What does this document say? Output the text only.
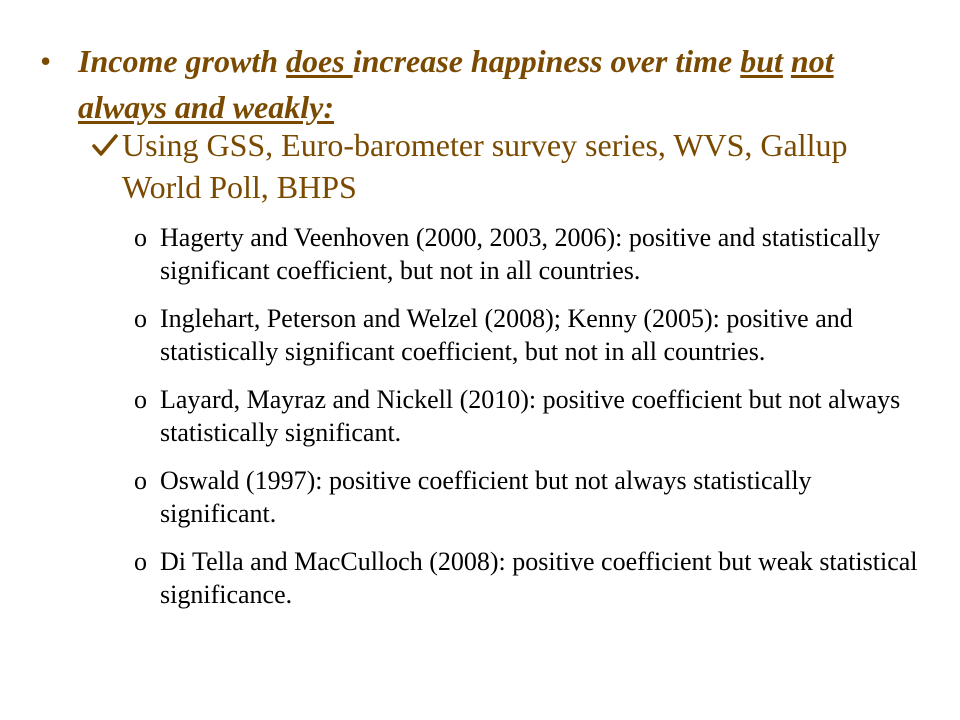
• Income growth does increase happiness over time but not always and weakly:
Using GSS, Euro-barometer survey series, WVS, Gallup World Poll, BHPS
o Hagerty and Veenhoven (2000, 2003, 2006): positive and statistically significant coefficient, but not in all countries.
o Inglehart, Peterson and Welzel (2008); Kenny (2005): positive and statistically significant coefficient, but not in all countries.
o Layard, Mayraz and Nickell (2010): positive coefficient but not always statistically significant.
o Oswald (1997): positive coefficient but not always statistically significant.
o Di Tella and MacCulloch (2008): positive coefficient but weak statistical significance.
